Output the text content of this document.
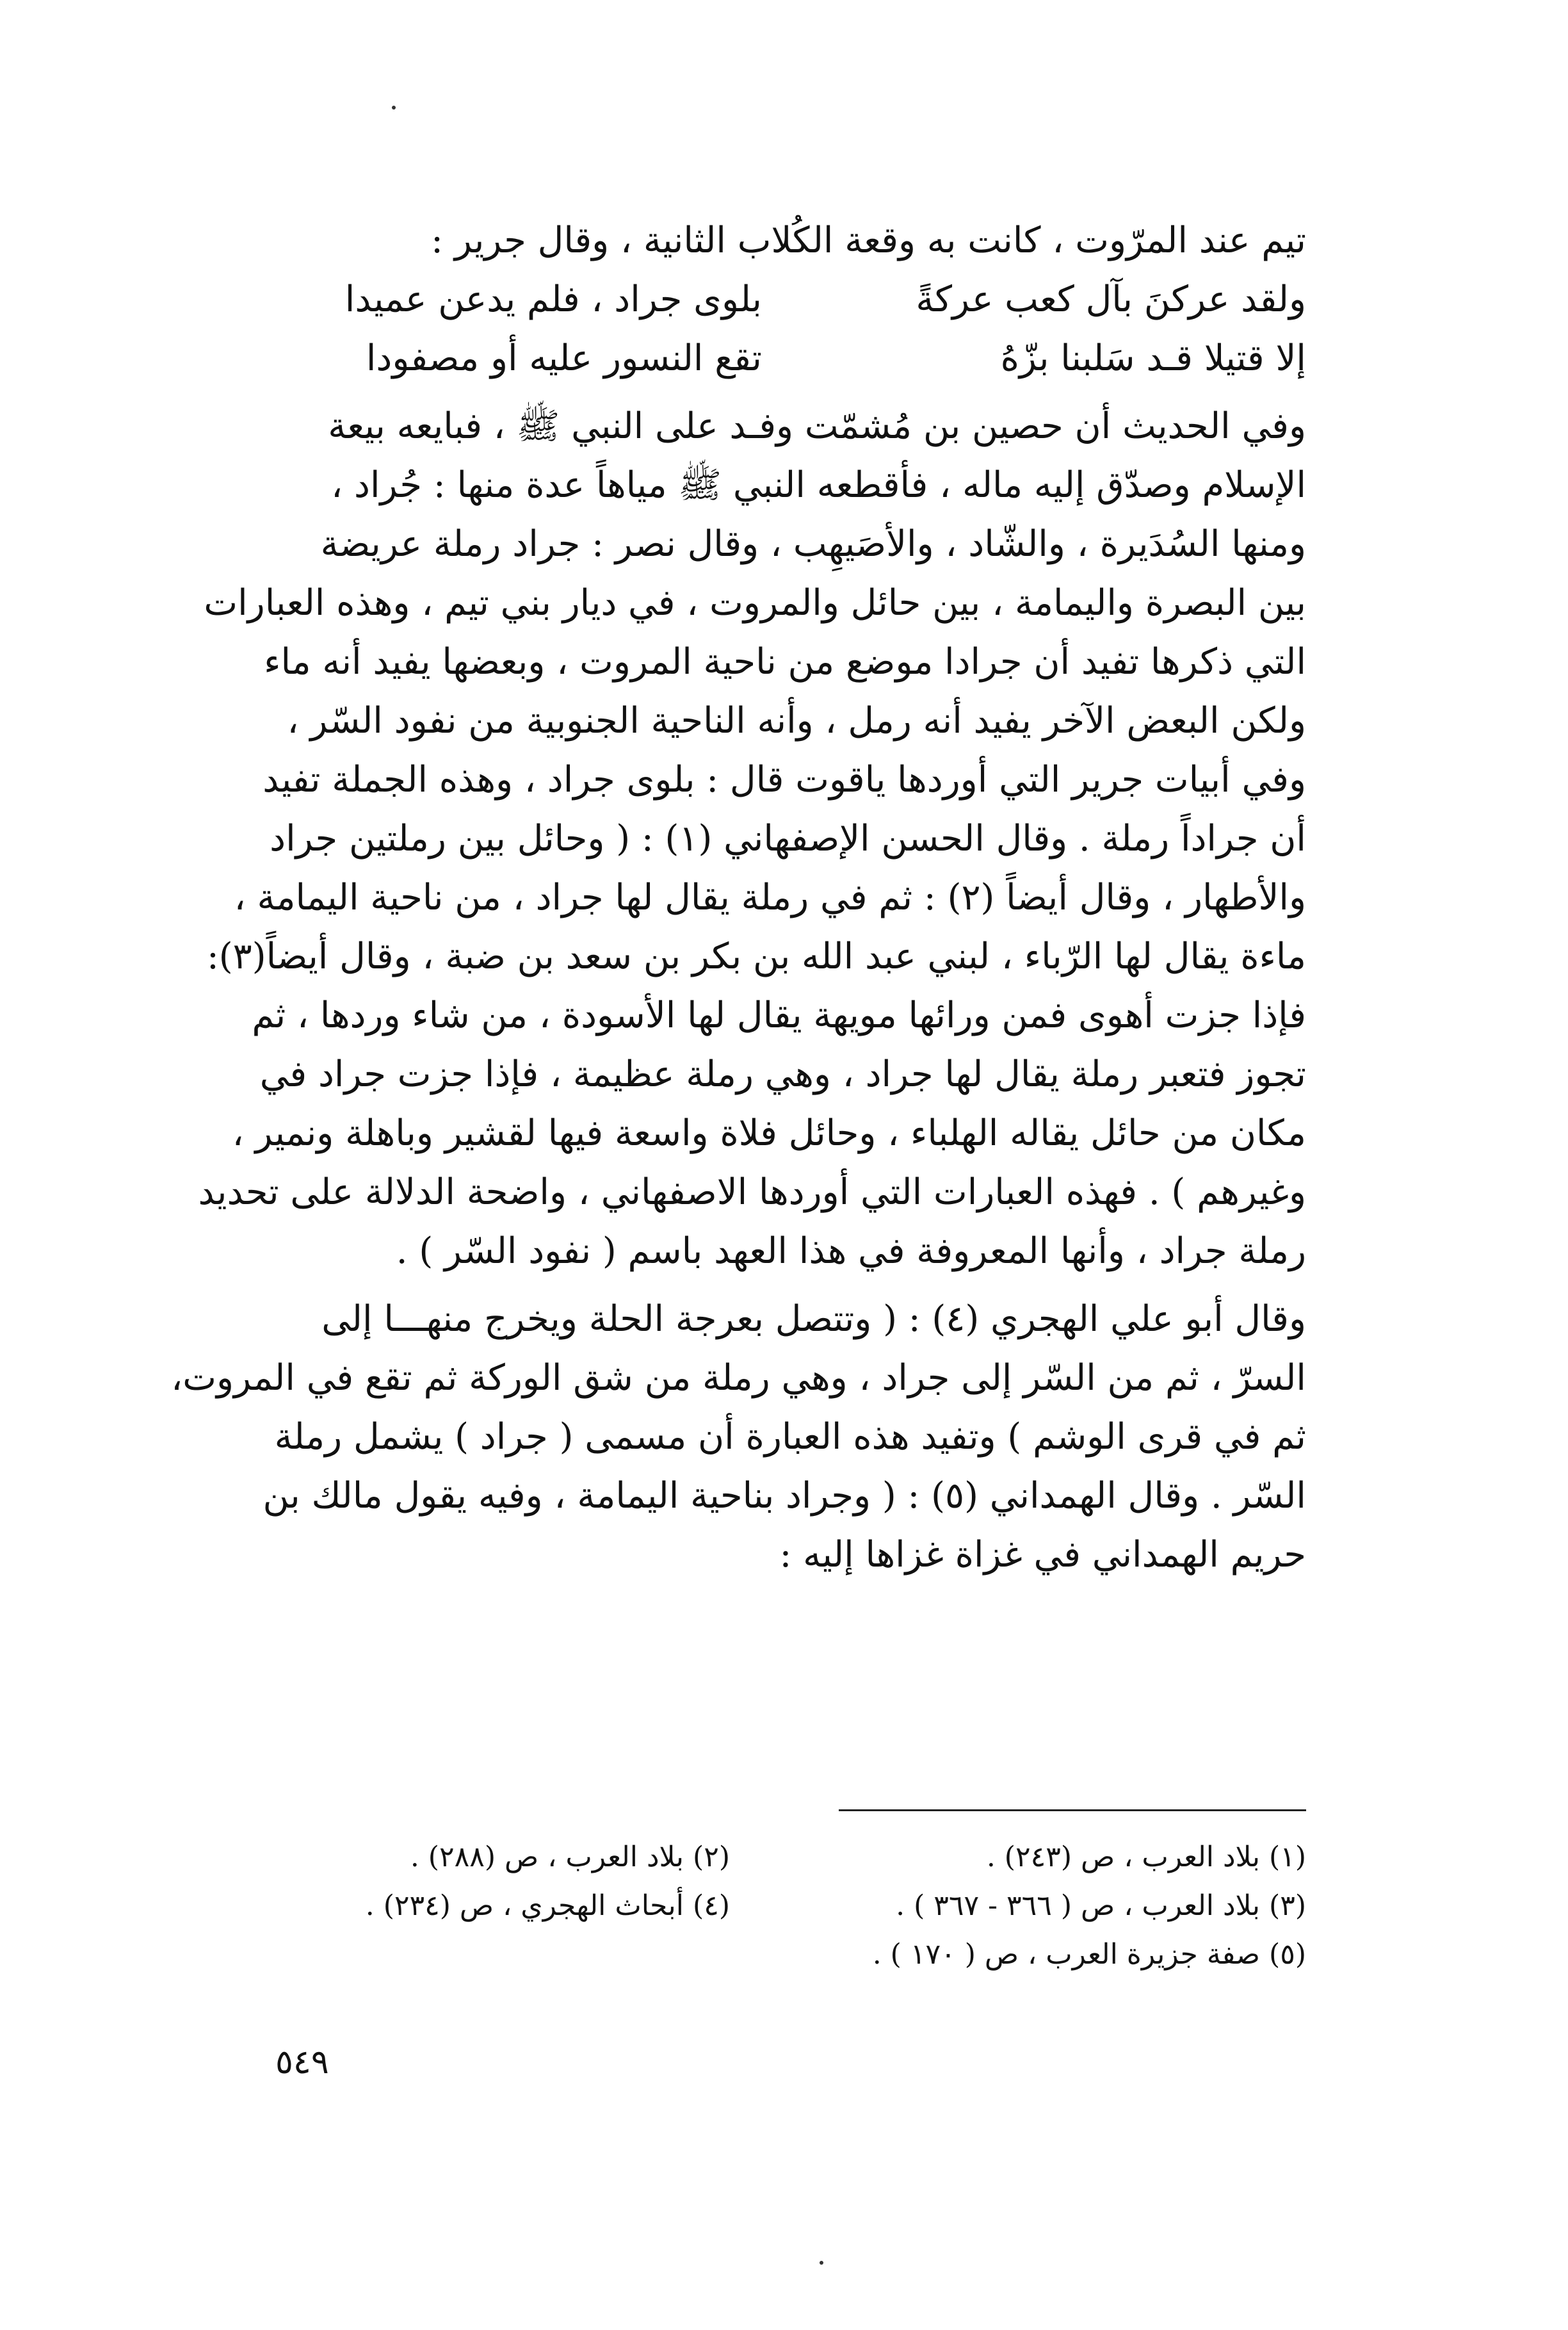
تيم عند المرّوت ، كانت به وقعة الكُلاب الثانية ، وقال جرير :
ولقد عركنَ بآل كعب عركةً
بلوى جراد ، فلم يدعن عميدا
إلا قتيلا قـد سَلبنا بزّهُ
تقع النسور عليه أو مصفودا
وفي الحديث أن حصين بن مُشمّت وفـد على النبي ﷺ ، فبايعه بيعة
الإسلام وصدّق إليه ماله ، فأقطعه النبي ﷺ مياهاً عدة منها : جُراد ،
ومنها السُدَيرة ، والشّاد ، والأصَيهِب ، وقال نصر : جراد رملة عريضة
بين البصرة واليمامة ، بين حائل والمروت ، في ديار بني تيم ، وهذه العبارات
التي ذكرها تفيد أن جرادا موضع من ناحية المروت ، وبعضها يفيد أنه ماء
ولكن البعض الآخر يفيد أنه رمل ، وأنه الناحية الجنوبية من نفود السّر ،
وفي أبيات جرير التي أوردها ياقوت قال : بلوى جراد ، وهذه الجملة تفيد
أن جراداً رملة . وقال الحسن الإصفهاني (١) : ( وحائل بين رملتين جراد
والأطهار ، وقال أيضاً (٢) : ثم في رملة يقال لها جراد ، من ناحية اليمامة ،
ماءة يقال لها الرّباء ، لبني عبد الله بن بكر بن سعد بن ضبة ، وقال أيضاً(٣):
فإذا جزت أهوى فمن ورائها مويهة يقال لها الأسودة ، من شاء وردها ، ثم
تجوز فتعبر رملة يقال لها جراد ، وهي رملة عظيمة ، فإذا جزت جراد في
مكان من حائل يقاله الهلباء ، وحائل فلاة واسعة فيها لقشير وباهلة ونمير ،
وغيرهم ) . فهذه العبارات التي أوردها الاصفهاني ، واضحة الدلالة على تحديد
رملة جراد ، وأنها المعروفة في هذا العهد باسم ( نفود السّر ) .
وقال أبو علي الهجري (٤) : ( وتتصل بعرجة الحلة ويخرج منهـــا إلى
السرّ ، ثم من السّر إلى جراد ، وهي رملة من شق الوركة ثم تقع في المروت،
ثم في قرى الوشم ) وتفيد هذه العبارة أن مسمى ( جراد ) يشمل رملة
السّر . وقال الهمداني (٥) : ( وجراد بناحية اليمامة ، وفيه يقول مالك بن
حريم الهمداني في غزاة غزاها إليه :
(١) بلاد العرب ، ص (٢٤٣) .
(٢) بلاد العرب ، ص (٢٨٨) .
(٣) بلاد العرب ، ص ( ٣٦٦ - ٣٦٧ ) .
(٤) أبحاث الهجري ، ص (٢٣٤) .
(٥) صفة جزيرة العرب ، ص ( ١٧٠ ) .
٥٤٩
